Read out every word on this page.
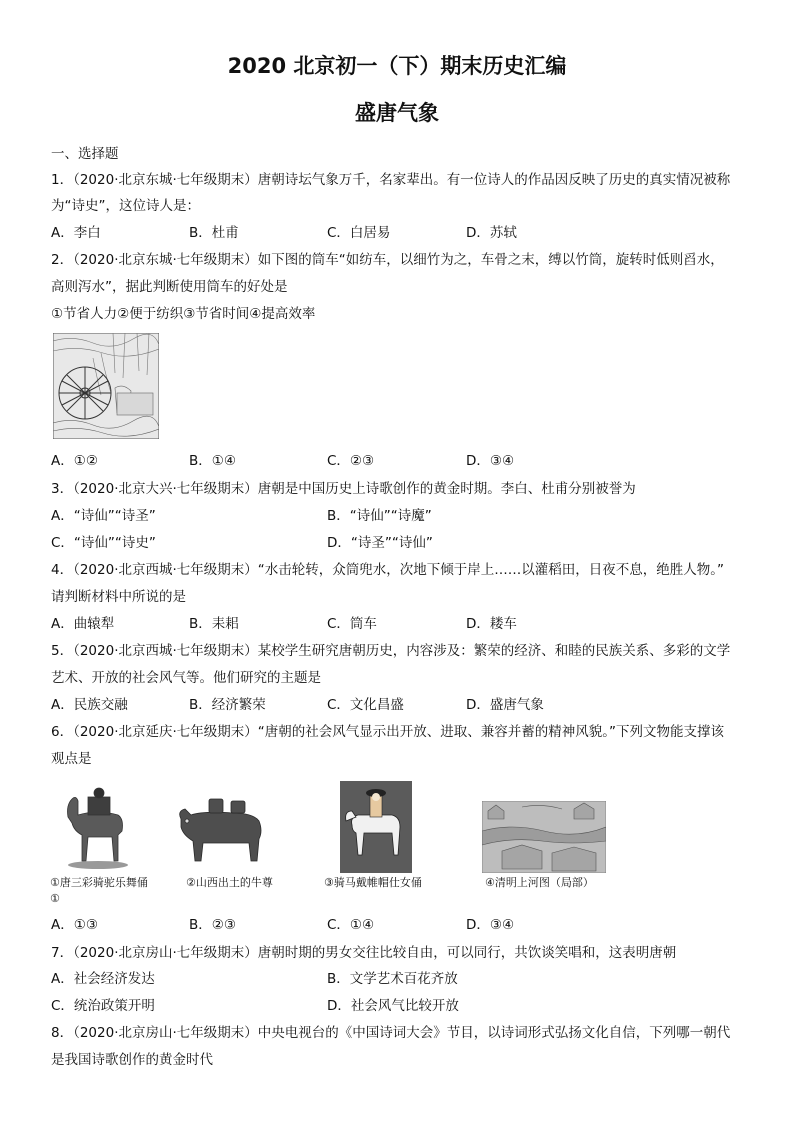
2020 北京初一（下）期末历史汇编
盛唐气象
一、选择题
1．（2020·北京东城·七年级期末）唐朝诗坛气象万千，名家辈出。有一位诗人的作品因反映了历史的真实情况被称
为“诗史”，这位诗人是：
A．李白	B．杜甫	C．白居易	D．苏轼
2．（2020·北京东城·七年级期末）如下图的筒车“如纺车，以细竹为之，车骨之末，缚以竹筒，旋转时低则舀水，
高则泻水”，据此判断使用筒车的好处是
①节省人力②便于纺织③节省时间④提高效率
A．①②	B．①④	C．②③	D．③④
3．（2020·北京大兴·七年级期末）唐朝是中国历史上诗歌创作的黄金时期。李白、杜甫分别被誉为
A．“诗仙”“诗圣”	B．“诗仙”“诗魔”
C．“诗仙”“诗史”	D．“诗圣”“诗仙”
4．（2020·北京西城·七年级期末）“水击轮转，众筒兜水，次地下倾于岸上……以灌稻田，日夜不息，绝胜人物。”
请判断材料中所说的是
A．曲辕犁	B．耒耜	C．筒车	D．耧车
5．（2020·北京西城·七年级期末）某校学生研究唐朝历史，内容涉及：繁荣的经济、和睦的民族关系、多彩的文学
艺术、开放的社会风气等。他们研究的主题是
A．民族交融	B．经济繁荣	C．文化昌盛	D．盛唐气象
6．（2020·北京延庆·七年级期末）“唐朝的社会风气显示出开放、进取、兼容并蓄的精神风貌。”下列文物能支撑该
观点是
①唐三彩骑驼乐舞俑	②山西出土的牛尊	③骑马戴帷帽仕女俑	④清明上河图（局部）
①
A．①③	B．②③	C．①④	D．③④
7．（2020·北京房山·七年级期末）唐朝时期的男女交往比较自由，可以同行，共饮谈笑唱和，这表明唐朝
A．社会经济发达	B．文学艺术百花齐放
C．统治政策开明	D．社会风气比较开放
8．（2020·北京房山·七年级期末）中央电视台的《中国诗词大会》节目，以诗词形式弘扬文化自信，下列哪一朝代
是我国诗歌创作的黄金时代
